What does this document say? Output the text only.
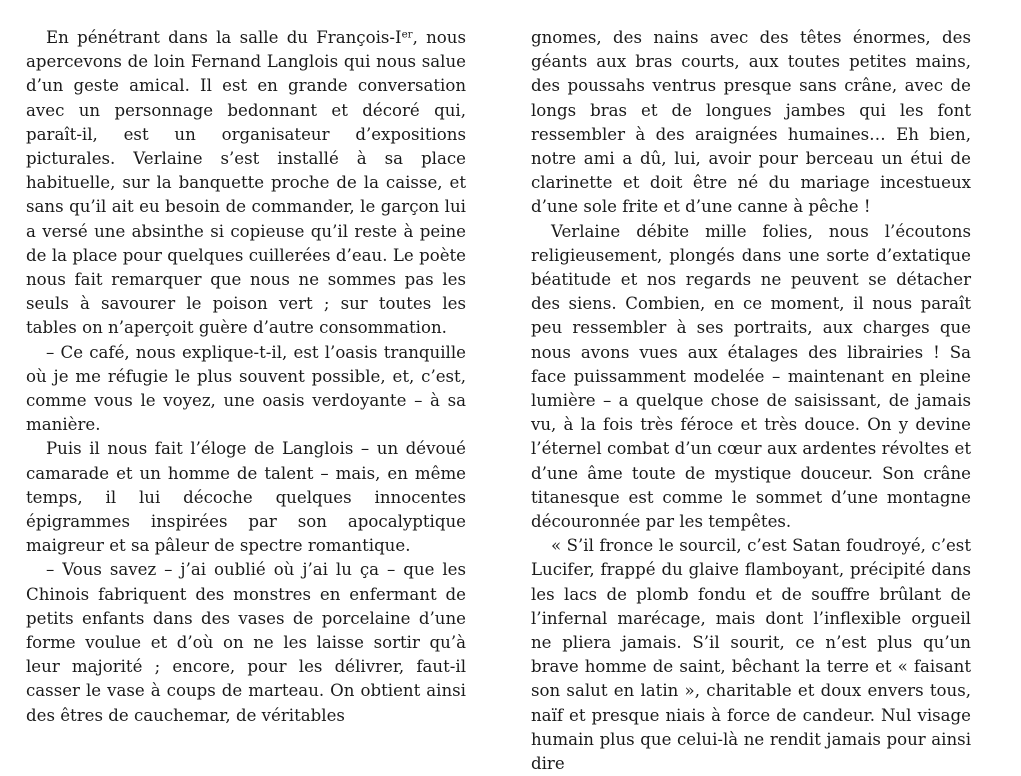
En pénétrant dans la salle du François-Ier, nous apercevons de loin Fernand Langlois qui nous salue d’un geste amical. Il est en grande conversation avec un personnage bedonnant et décoré qui, paraît-il, est un organisateur d’expositions picturales. Verlaine s’est installé à sa place habituelle, sur la banquette proche de la caisse, et sans qu’il ait eu besoin de commander, le garçon lui a versé une absinthe si copieuse qu’il reste à peine de la place pour quelques cuillerées d’eau. Le poète nous fait remarquer que nous ne sommes pas les seuls à savourer le poison vert ; sur toutes les tables on n’aperçoit guère d’autre consommation.

– Ce café, nous explique-t-il, est l’oasis tranquille où je me réfugie le plus souvent possible, et, c’est, comme vous le voyez, une oasis verdoyante – à sa manière.

Puis il nous fait l’éloge de Langlois – un dévoué camarade et un homme de talent – mais, en même temps, il lui décoche quelques innocentes épigrammes inspirées par son apocalyptique maigreur et sa pâleur de spectre romantique.

– Vous savez – j’ai oublié où j’ai lu ça – que les Chinois fabriquent des monstres en enfermant de petits enfants dans des vases de porcelaine d’une forme voulue et d’où on ne les laisse sortir qu’à leur majorité ; encore, pour les délivrer, faut-il casser le vase à coups de marteau. On obtient ainsi des êtres de cauchemar, de véritables

gnomes, des nains avec des têtes énormes, des géants aux bras courts, aux toutes petites mains, des poussahs ventrus presque sans crâne, avec de longs bras et de longues jambes qui les font ressembler à des araignées humaines… Eh bien, notre ami a dû, lui, avoir pour berceau un étui de clarinette et doit être né du mariage incestueux d’une sole frite et d’une canne à pêche !

Verlaine débite mille folies, nous l’écoutons religieusement, plongés dans une sorte d’extatique béatitude et nos regards ne peuvent se détacher des siens. Combien, en ce moment, il nous paraît peu ressembler à ses portraits, aux charges que nous avons vues aux étalages des librairies ! Sa face puissamment modelée – maintenant en pleine lumière – a quelque chose de saisissant, de jamais vu, à la fois très féroce et très douce. On y devine l’éternel combat d’un cœur aux ardentes révoltes et d’une âme toute de mystique douceur. Son crâne titanesque est comme le sommet d’une montagne découronnée par les tempêtes.

« S’il fronce le sourcil, c’est Satan foudroyé, c’est Lucifer, frappé du glaive flamboyant, précipité dans les lacs de plomb fondu et de souffre brûlant de l’infernal marécage, mais dont l’inflexible orgueil ne pliera jamais. S’il sourit, ce n’est plus qu’un brave homme de saint, bêchant la terre et « faisant son salut en latin », charitable et doux envers tous, naïf et presque niais à force de candeur. Nul visage humain plus que celui-là ne rendit jamais pour ainsi dire
